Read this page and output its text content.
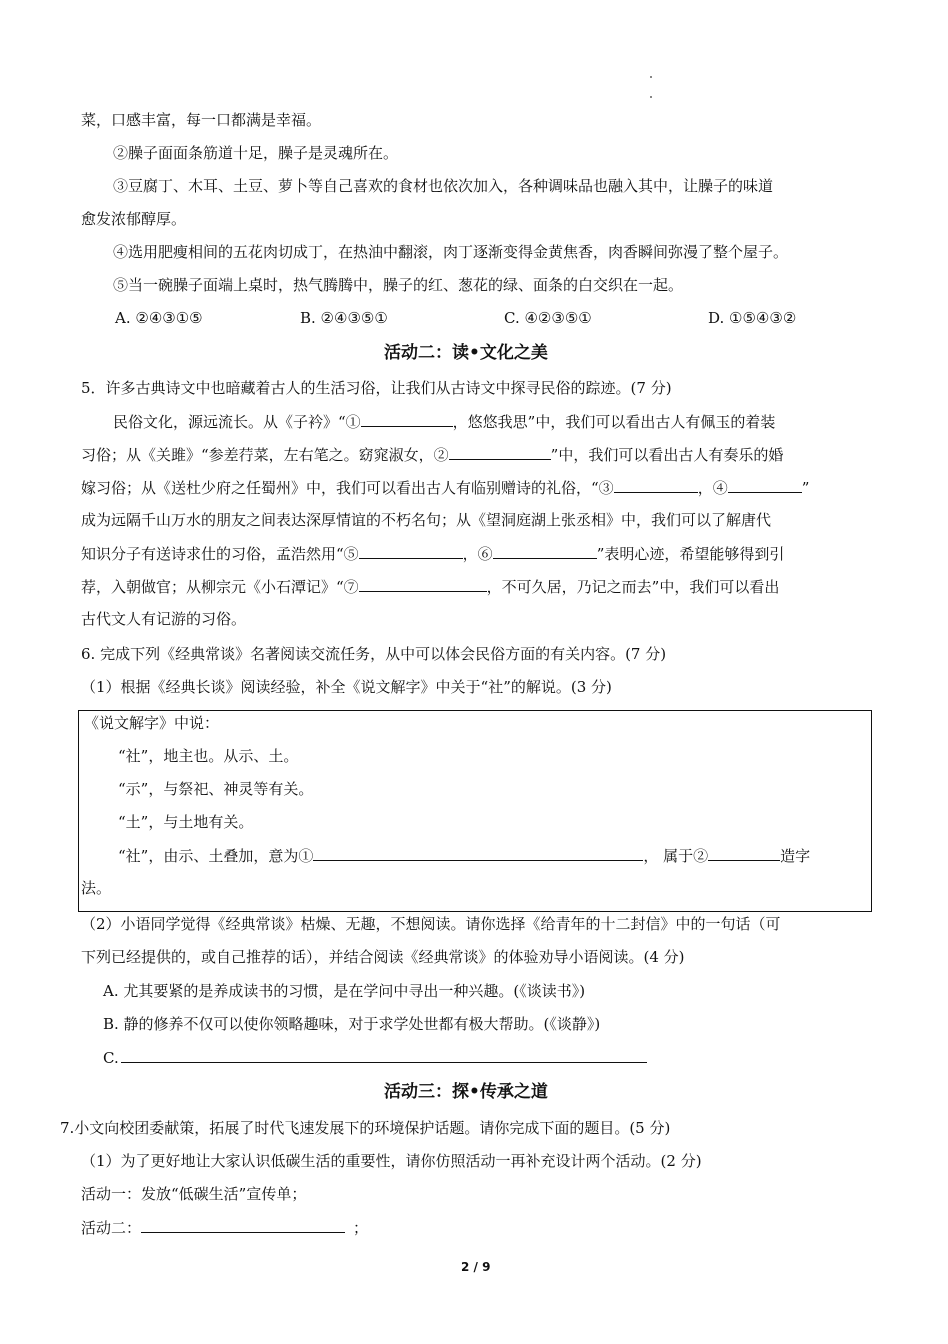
菜，口感丰富，每一口都满是幸福。
②臊子面面条筋道十足，臊子是灵魂所在。
③豆腐丁、木耳、土豆、萝卜等自己喜欢的食材也依次加入，各种调味品也融入其中，让臊子的味道
愈发浓郁醇厚。
④选用肥瘦相间的五花肉切成丁，在热油中翻滚，肉丁逐渐变得金黄焦香，肉香瞬间弥漫了整个屋子。
⑤当一碗臊子面端上桌时，热气腾腾中，臊子的红、葱花的绿、面条的白交织在一起。
A. ②④③①⑤	B. ②④③⑤①	C. ④②③⑤①	D. ①⑤④③②
活动二：读•文化之美
5．许多古典诗文中也暗藏着古人的生活习俗，让我们从古诗文中探寻民俗的踪迹。(7 分)
民俗文化，源远流长。从《子衿》“①	，悠悠我思”中，我们可以看出古人有佩玉的着装
习俗；从《关雎》“参差荇菜，左右笔之。窈窕淑女，②	”中，我们可以看出古人有奏乐的婚
嫁习俗；从《送杜少府之任蜀州》中，我们可以看出古人有临别赠诗的礼俗，“③	，④	”
成为远隔千山万水的朋友之间表达深厚情谊的不朽名句；从《望洞庭湖上张丞相》中，我们可以了解唐代
知识分子有送诗求仕的习俗，孟浩然用“⑤	，⑥	”表明心迹，希望能够得到引
荐，入朝做官；从柳宗元《小石潭记》“⑦	，不可久居，乃记之而去”中，我们可以看出
古代文人有记游的习俗。
6. 完成下列《经典常谈》名著阅读交流任务，从中可以体会民俗方面的有关内容。(7 分)
（1）根据《经典长谈》阅读经验，补全《说文解字》中关于“社”的解说。(3 分)
《说文解字》中说：
“社”，地主也。从示、土。
“示”，与祭祀、神灵等有关。
“土”，与土地有关。
“社”，由示、土叠加，意为①	， 属于②	造字
法。
（2）小语同学觉得《经典常谈》枯燥、无趣，不想阅读。请你选择《给青年的十二封信》中的一句话（可
下列已经提供的，或自己推荐的话），并结合阅读《经典常谈》的体验劝导小语阅读。(4 分)
A. 尤其要紧的是养成读书的习惯，是在学问中寻出一种兴趣。(《谈读书》)
B. 静的修养不仅可以使你领略趣味，对于求学处世都有极大帮助。(《谈静》)
C.
活动三：探•传承之道
7.小文向校团委献策，拓展了时代飞速发展下的环境保护话题。请你完成下面的题目。(5 分)
（1）为了更好地让大家认识低碳生活的重要性，请你仿照活动一再补充设计两个活动。(2 分)
活动一：发放“低碳生活”宣传单；
活动二：	；
2 / 9
